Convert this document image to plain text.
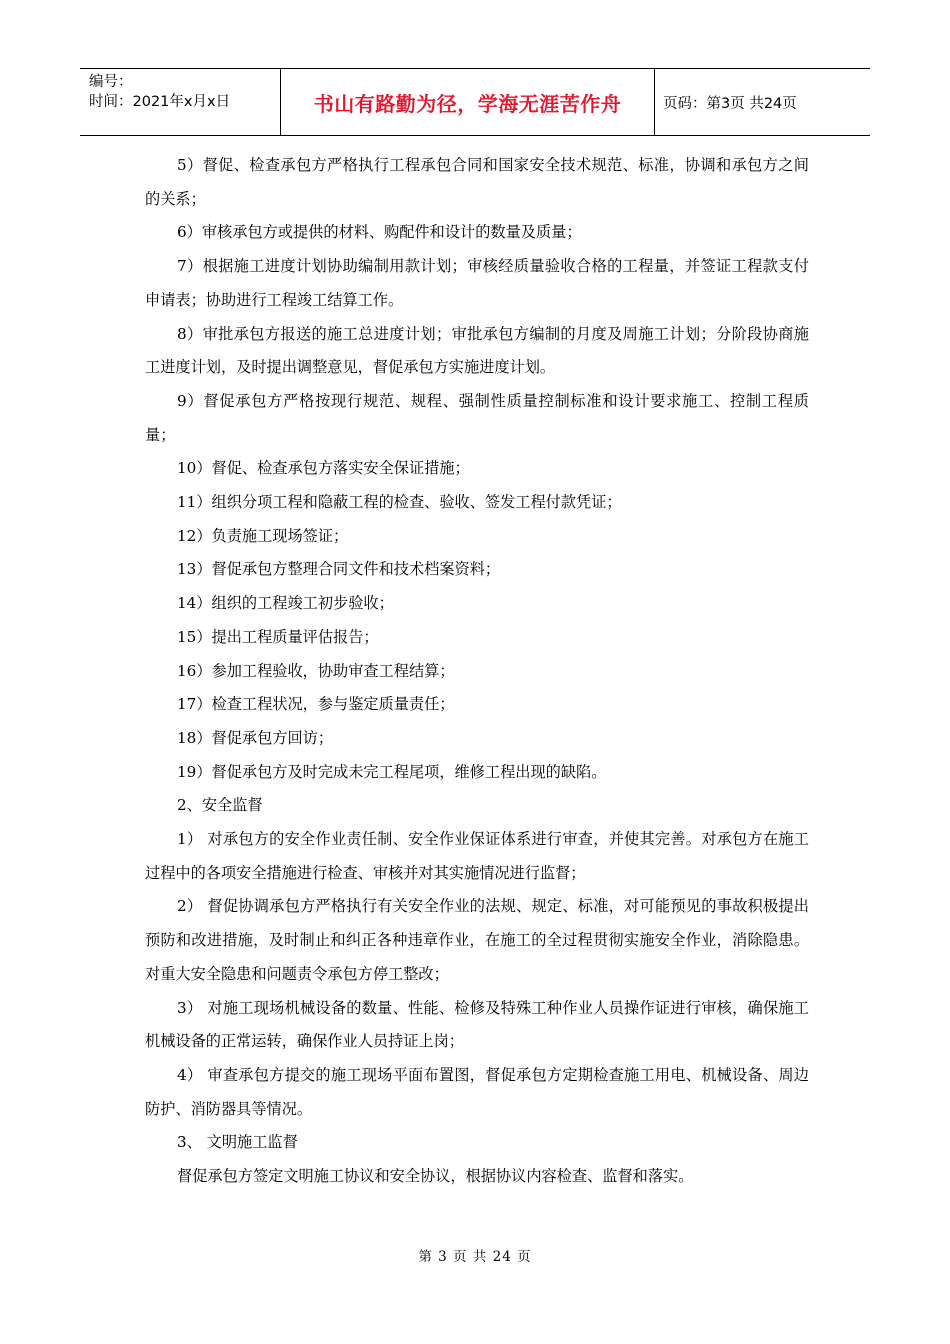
编号：
时间：2021年x月x日	书山有路勤为径，学海无涯苦作舟	页码：第3页 共24页

5）督促、检查承包方严格执行工程承包合同和国家安全技术规范、标准，协调和承包方之间的关系；

6）审核承包方或提供的材料、购配件和设计的数量及质量；

7）根据施工进度计划协助编制用款计划；审核经质量验收合格的工程量，并签证工程款支付申请表；协助进行工程竣工结算工作。

8）审批承包方报送的施工总进度计划；审批承包方编制的月度及周施工计划；分阶段协商施工进度计划，及时提出调整意见，督促承包方实施进度计划。

9）督促承包方严格按现行规范、规程、强制性质量控制标准和设计要求施工、控制工程质量；

10）督促、检查承包方落实安全保证措施；

11）组织分项工程和隐蔽工程的检查、验收、签发工程付款凭证；

12）负责施工现场签证；

13）督促承包方整理合同文件和技术档案资料；

14）组织的工程竣工初步验收；

15）提出工程质量评估报告；

16）参加工程验收，协助审查工程结算；

17）检查工程状况，参与鉴定质量责任；

18）督促承包方回访；

19）督促承包方及时完成未完工程尾项，维修工程出现的缺陷。

2、安全监督

1） 对承包方的安全作业责任制、安全作业保证体系进行审查，并使其完善。对承包方在施工过程中的各项安全措施进行检查、审核并对其实施情况进行监督；

2） 督促协调承包方严格执行有关安全作业的法规、规定、标准，对可能预见的事故积极提出预防和改进措施，及时制止和纠正各种违章作业，在施工的全过程贯彻实施安全作业，消除隐患。对重大安全隐患和问题责令承包方停工整改；

3） 对施工现场机械设备的数量、性能、检修及特殊工种作业人员操作证进行审核，确保施工机械设备的正常运转，确保作业人员持证上岗；

4） 审查承包方提交的施工现场平面布置图，督促承包方定期检查施工用电、机械设备、周边防护、消防器具等情况。

3、 文明施工监督

督促承包方签定文明施工协议和安全协议，根据协议内容检查、监督和落实。

第 3 页 共 24 页
